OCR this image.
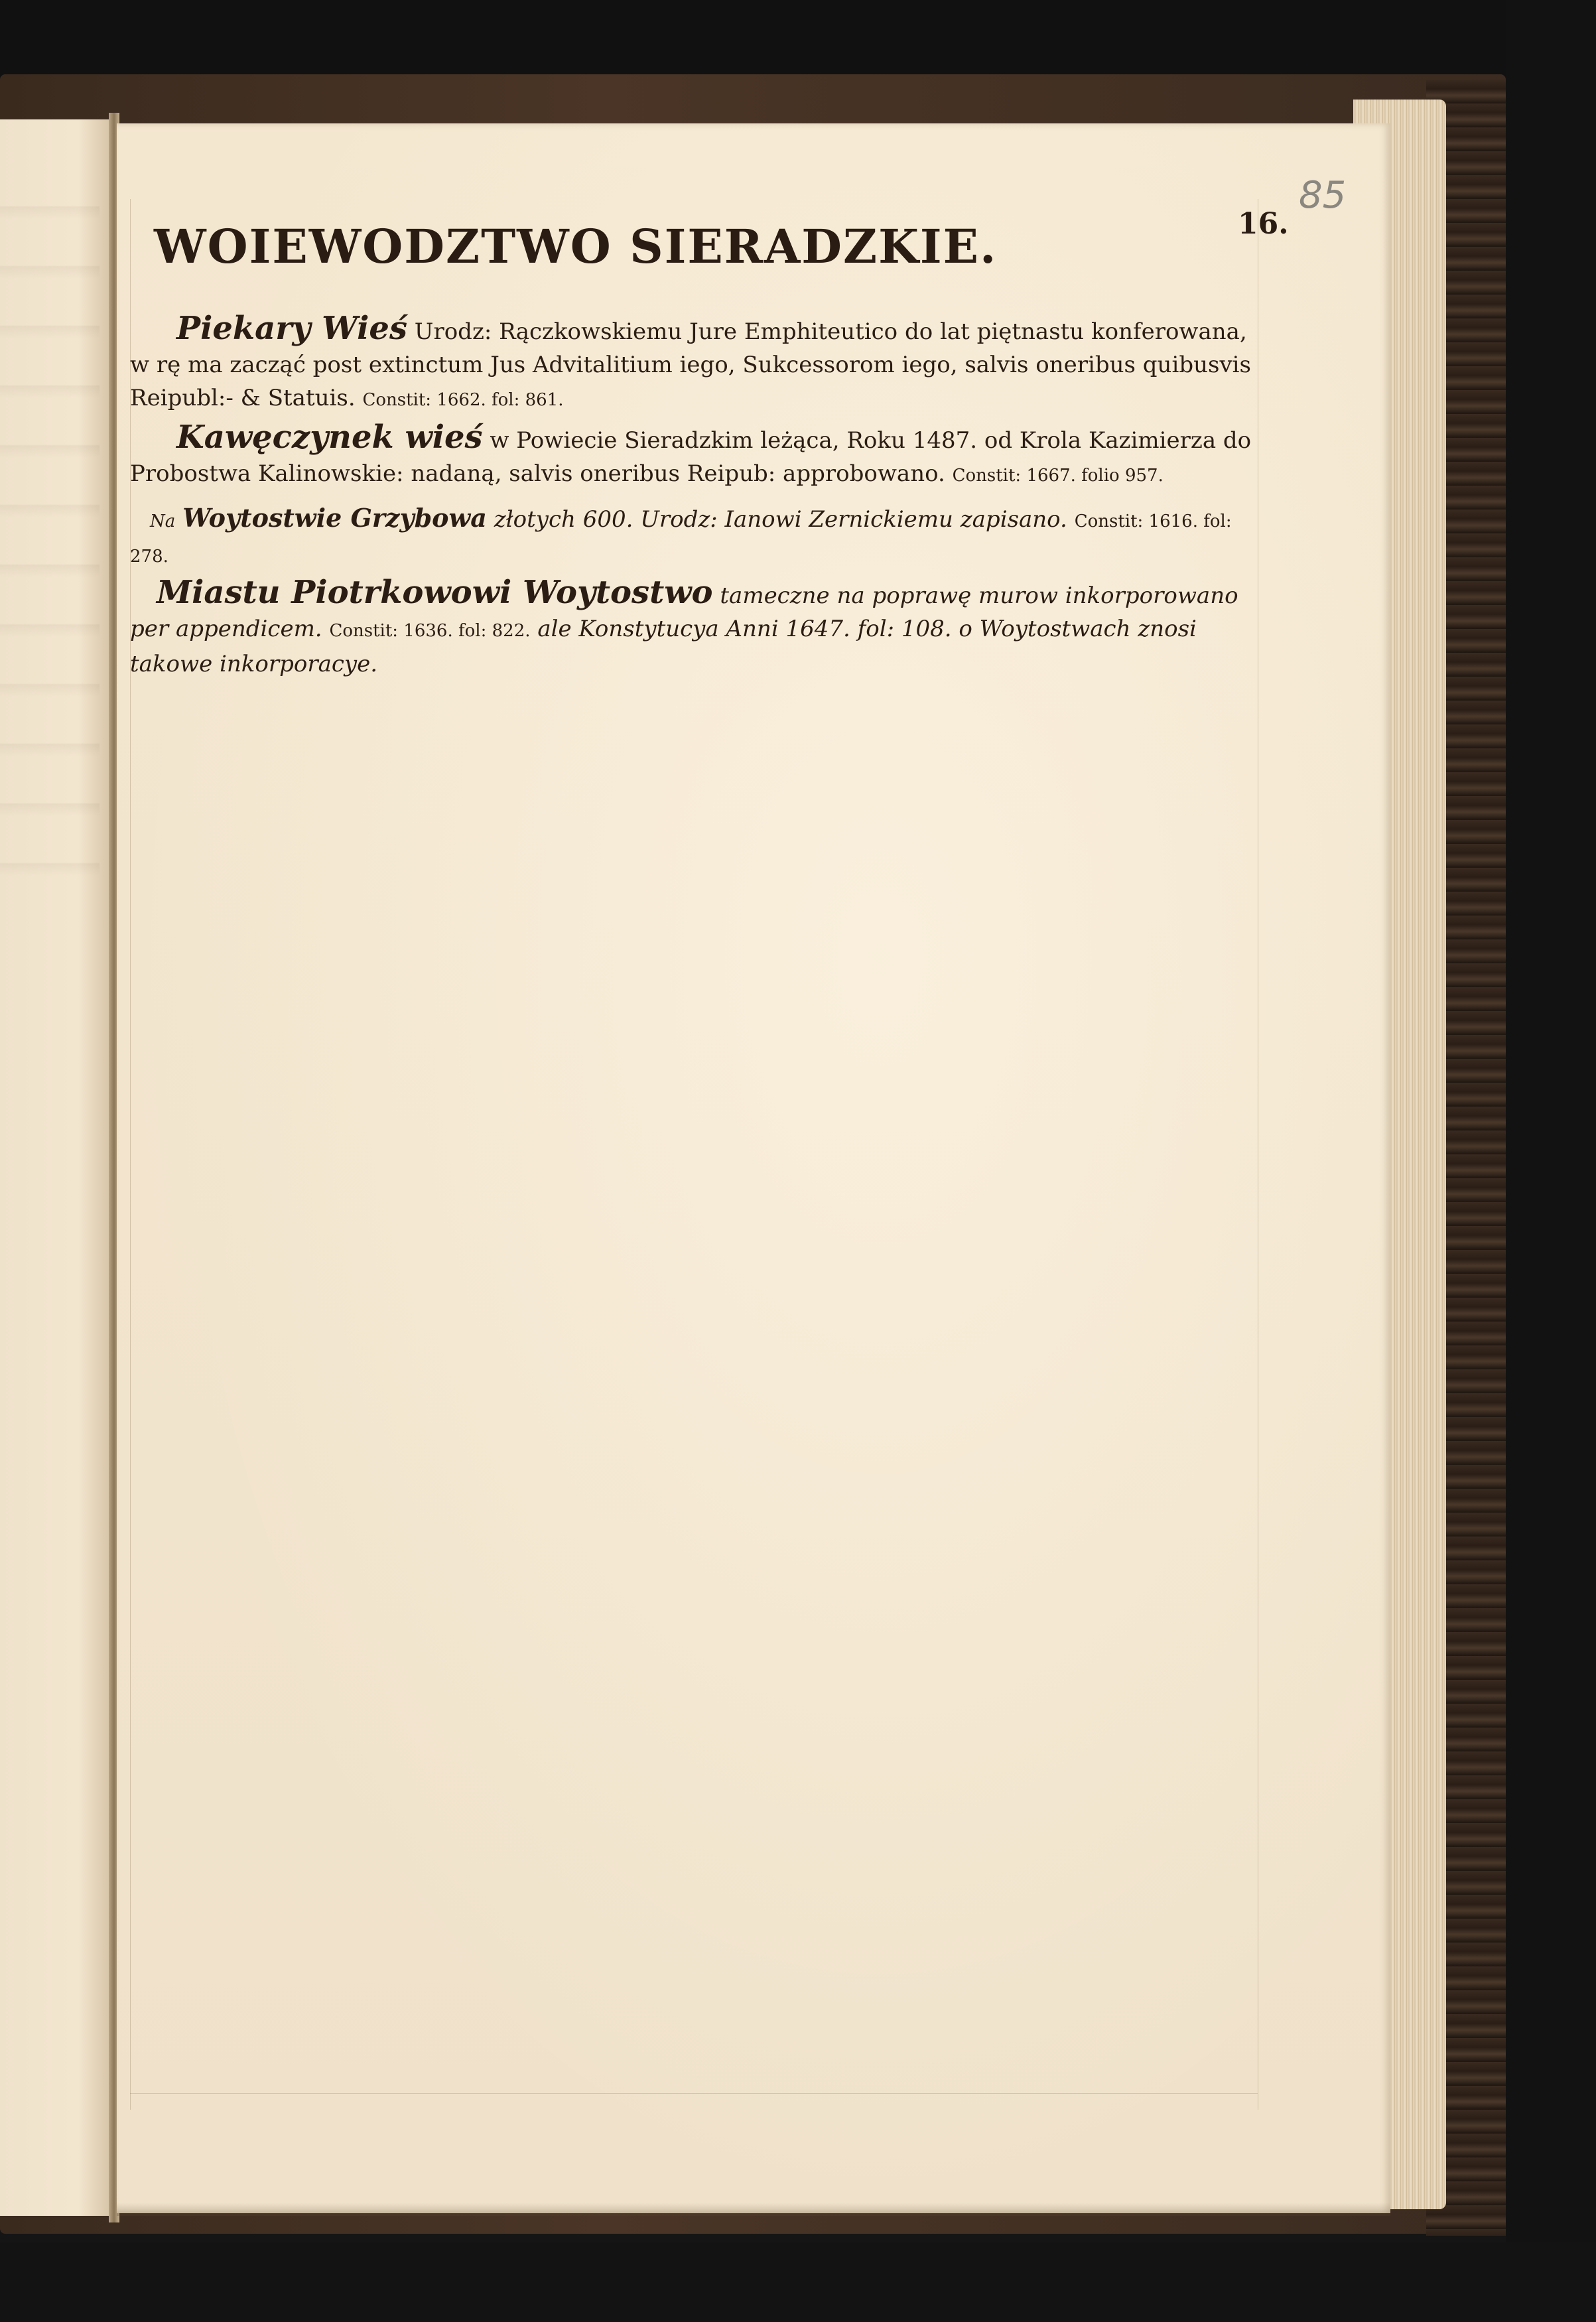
WOIEWODZTWO SIERADZKIE.	16.
85

Piekary Wieś Urodz: Rączkowskiemu Jure Emphiteutico do lat piętnastu konferowana, w rę ma zacząć post extinctum Jus Advitalitium iego, Sukcessorom iego, salvis oneribus quibusvis Reipubl:- & Statuis. Constit: 1662. fol: 861.

Kawęczynek wieś w Powiecie Sieradzkim leżąca, Roku 1487. od Krola Kazimierza do Probostwa Kalinowskie: nadaną, salvis oneribus Reipub: approbowano. Constit: 1667. folio 957.

Na Woytostwie Grzybowa złotych 600. Urodz: Ianowi Zernickiemu zapisano. Constit: 1616. fol: 278.

Miastu Piotrkowowi Woytostwo tameczne na poprawę murow inkorporowano per appendicem. Constit: 1636. fol: 822. ale Konstytucya Anni 1647. fol: 108. o Woytostwach znosi takowe inkorporacye.
